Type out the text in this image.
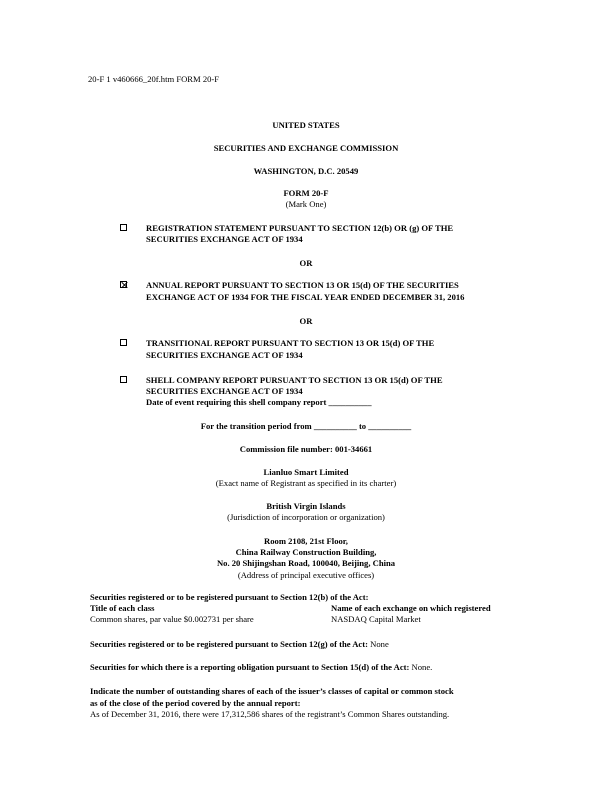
20-F 1 v460666_20f.htm FORM 20-F
UNITED STATES
SECURITIES AND EXCHANGE COMMISSION
WASHINGTON, D.C. 20549
FORM 20-F
(Mark One)
REGISTRATION STATEMENT PURSUANT TO SECTION 12(b) OR (g) OF THE
SECURITIES EXCHANGE ACT OF 1934
OR
ANNUAL REPORT PURSUANT TO SECTION 13 OR 15(d) OF THE SECURITIES
EXCHANGE ACT OF 1934 FOR THE FISCAL YEAR ENDED DECEMBER 31, 2016
OR
TRANSITIONAL REPORT PURSUANT TO SECTION 13 OR 15(d) OF THE
SECURITIES EXCHANGE ACT OF 1934
SHELL COMPANY REPORT PURSUANT TO SECTION 13 OR 15(d) OF THE
SECURITIES EXCHANGE ACT OF 1934
Date of event requiring this shell company report __________
For the transition period from __________ to __________
Commission file number: 001-34661
Lianluo Smart Limited
(Exact name of Registrant as specified in its charter)
British Virgin Islands
(Jurisdiction of incorporation or organization)
Room 2108, 21st Floor,
China Railway Construction Building,
No. 20 Shijingshan Road, 100040, Beijing, China
(Address of principal executive offices)
Securities registered or to be registered pursuant to Section 12(b) of the Act:
Title of each class	Name of each exchange on which registered
Common shares, par value $0.002731 per share	NASDAQ Capital Market
Securities registered or to be registered pursuant to Section 12(g) of the Act: None
Securities for which there is a reporting obligation pursuant to Section 15(d) of the Act: None.
Indicate the number of outstanding shares of each of the issuer’s classes of capital or common stock
as of the close of the period covered by the annual report:
As of December 31, 2016, there were 17,312,586 shares of the registrant’s Common Shares outstanding.
